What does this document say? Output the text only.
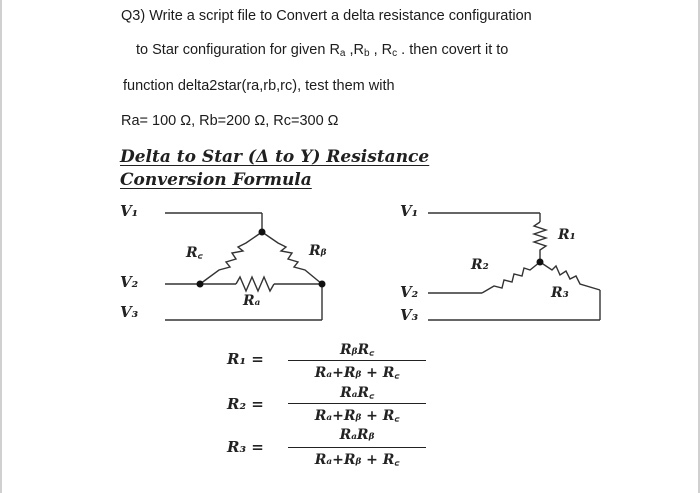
Q3) Write a script file to Convert a delta resistance configuration
to Star configuration for given $R_a$ $,R_b$ , $R_c$ . then covert it to
function delta2star(ra,rb,rc), test them with
Ra= 100 Ω, Rb=200 Ω, Rc=300 Ω
Delta to Star (Δ to Y) Resistance
Conversion Formula
V₁
V₂
V₃
R꜀	Rᵦ
Rₐ
V₁
V₂
V₃
R₁
R₂
R₃
R₁ =	RᵦR꜀
Rₐ+Rᵦ + R꜀
R₂ =
RₐR꜀
Rₐ+Rᵦ + R꜀
R₃ =
RₐRᵦ
Rₐ+Rᵦ + R꜀
